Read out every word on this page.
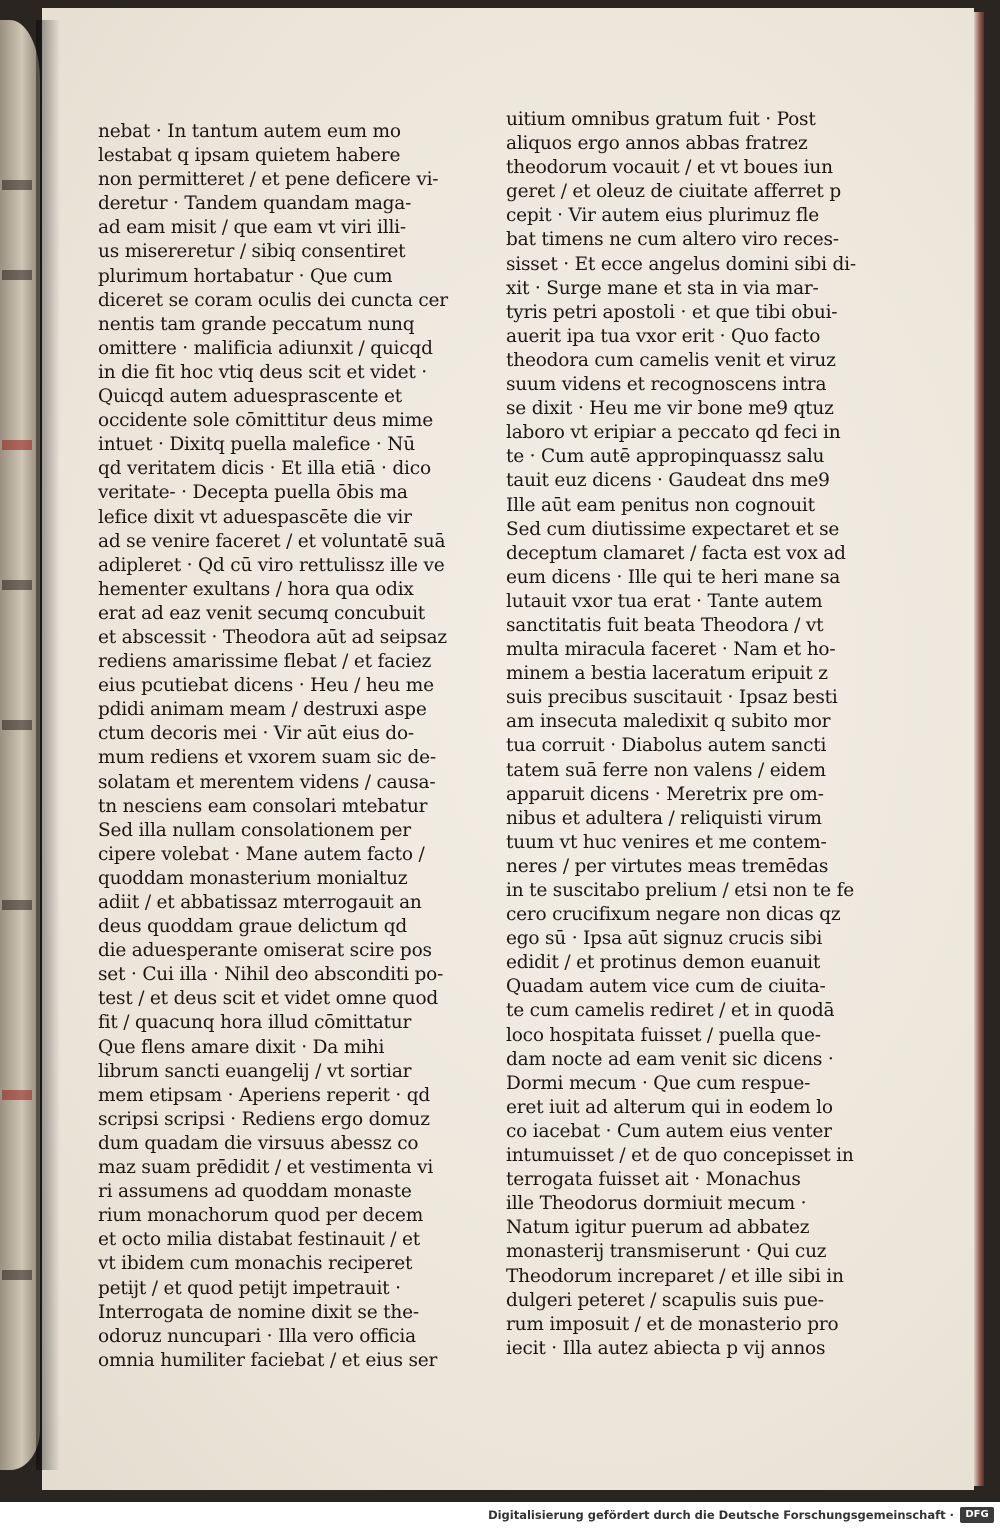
nebat · In tantum autem eum mo
lestabat q ipsam quietem habere
non permitteret / et pene deficere vi-
deretur · Tandem quandam maga-
ad eam misit / que eam vt viri illi-
us misereretur / sibiq consentiret
plurimum hortabatur · Que cum
diceret se coram oculis dei cuncta cer
nentis tam grande peccatum nunq
omittere · malificia adiunxit / quicqd
in die fit hoc vtiq deus scit et videt ·
Quicqd autem aduesprascente et
occidente sole cōmittitur deus mime
intuet · Dixitq puella malefice · Nū
qd veritatem dicis · Et illa etiā · dico
veritate- · Decepta puella ōbis ma
lefice dixit vt aduespascēte die vir
ad se venire faceret / et voluntatē suā
adipleret · Qd cū viro rettulissz ille ve
hementer exultans / hora qua odix
erat ad eaz venit secumq concubuit
et abscessit · Theodora aūt ad seipsaz
rediens amarissime flebat / et faciez
eius pcutiebat dicens · Heu / heu me
pdidi animam meam / destruxi aspe
ctum decoris mei · Vir aūt eius do-
mum rediens et vxorem suam sic de-
solatam et merentem videns / causa-
tn nesciens eam consolari mtebatur
Sed illa nullam consolationem per
cipere volebat · Mane autem facto /
quoddam monasterium monialtuz
adiit / et abbatissaz mterrogauit an
deus quoddam graue delictum qd
die aduesperante omiserat scire pos
set · Cui illa · Nihil deo absconditi po-
test / et deus scit et videt omne quod
fit / quacunq hora illud cōmittatur
Que flens amare dixit · Da mihi
librum sancti euangelij / vt sortiar
mem etipsam · Aperiens reperit · qd
scripsi scripsi · Rediens ergo domuz
dum quadam die virsuus abessz co
maz suam prēdidit / et vestimenta vi
ri assumens ad quoddam monaste
rium monachorum quod per decem
et octo milia distabat festinauit / et
vt ibidem cum monachis reciperet
petijt / et quod petijt impetrauit ·
Interrogata de nomine dixit se the-
odoruz nuncupari · Illa vero officia
omnia humiliter faciebat / et eius ser
uitium omnibus gratum fuit · Post
aliquos ergo annos abbas fratrez
theodorum vocauit / et vt boues iun
geret / et oleuz de ciuitate afferret p
cepit · Vir autem eius plurimuz fle
bat timens ne cum altero viro reces-
sisset · Et ecce angelus domini sibi di-
xit · Surge mane et sta in via mar-
tyris petri apostoli · et que tibi obui-
auerit ipa tua vxor erit · Quo facto
theodora cum camelis venit et viruz
suum videns et recognoscens intra
se dixit · Heu me vir bone me9 qtuz
laboro vt eripiar a peccato qd feci in
te · Cum autē appropinquassz salu
tauit euz dicens · Gaudeat dns me9
Ille aūt eam penitus non cognouit
Sed cum diutissime expectaret et se
deceptum clamaret / facta est vox ad
eum dicens · Ille qui te heri mane sa
lutauit vxor tua erat · Tante autem
sanctitatis fuit beata Theodora / vt
multa miracula faceret · Nam et ho-
minem a bestia laceratum eripuit z
suis precibus suscitauit · Ipsaz besti
am insecuta maledixit q subito mor
tua corruit · Diabolus autem sancti
tatem suā ferre non valens / eidem
apparuit dicens · Meretrix pre om-
nibus et adultera / reliquisti virum
tuum vt huc venires et me contem-
neres / per virtutes meas tremēdas
in te suscitabo prelium / etsi non te fe
cero crucifixum negare non dicas qz
ego sū · Ipsa aūt signuz crucis sibi
edidit / et protinus demon euanuit
Quadam autem vice cum de ciuita-
te cum camelis rediret / et in quodā
loco hospitata fuisset / puella que-
dam nocte ad eam venit sic dicens ·
Dormi mecum · Que cum respue-
eret iuit ad alterum qui in eodem lo
co iacebat · Cum autem eius venter
intumuisset / et de quo concepisset in
terrogata fuisset ait · Monachus
ille Theodorus dormiuit mecum ·
Natum igitur puerum ad abbatez
monasterij transmiserunt · Qui cuz
Theodorum increparet / et ille sibi in
dulgeri peteret / scapulis suis pue-
rum imposuit / et de monasterio pro
iecit · Illa autez abiecta p vij annos
Digitalisierung gefördert durch die Deutsche Forschungsgemeinschaft ·	DFG
